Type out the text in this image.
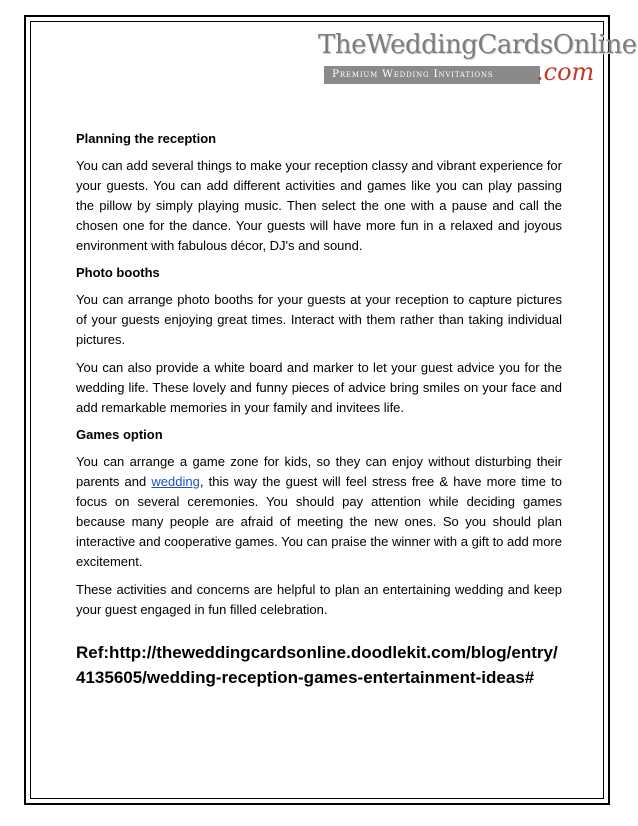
TheWeddingCardsOnline
Premium Wedding Invitations .com
Planning the reception

You can add several things to make your reception classy and vibrant experience for your guests. You can add different activities and games like you can play passing the pillow by simply playing music. Then select the one with a pause and call the chosen one for the dance. Your guests will have more fun in a relaxed and joyous environment with fabulous décor, DJ's and sound.

Photo booths

You can arrange photo booths for your guests at your reception to capture pictures of your guests enjoying great times. Interact with them rather than taking individual pictures.

You can also provide a white board and marker to let your guest advice you for the wedding life. These lovely and funny pieces of advice bring smiles on your face and add remarkable memories in your family and invitees life.

Games option

You can arrange a game zone for kids, so they can enjoy without disturbing their parents and wedding, this way the guest will feel stress free & have more time to focus on several ceremonies. You should pay attention while deciding games because many people are afraid of meeting the new ones. So you should plan interactive and cooperative games. You can praise the winner with a gift to add more excitement.

These activities and concerns are helpful to plan an entertaining wedding and keep your guest engaged in fun filled celebration.

Ref:http://theweddingcardsonline.doodlekit.com/blog/entry/4135605/wedding-reception-games-entertainment-ideas#
